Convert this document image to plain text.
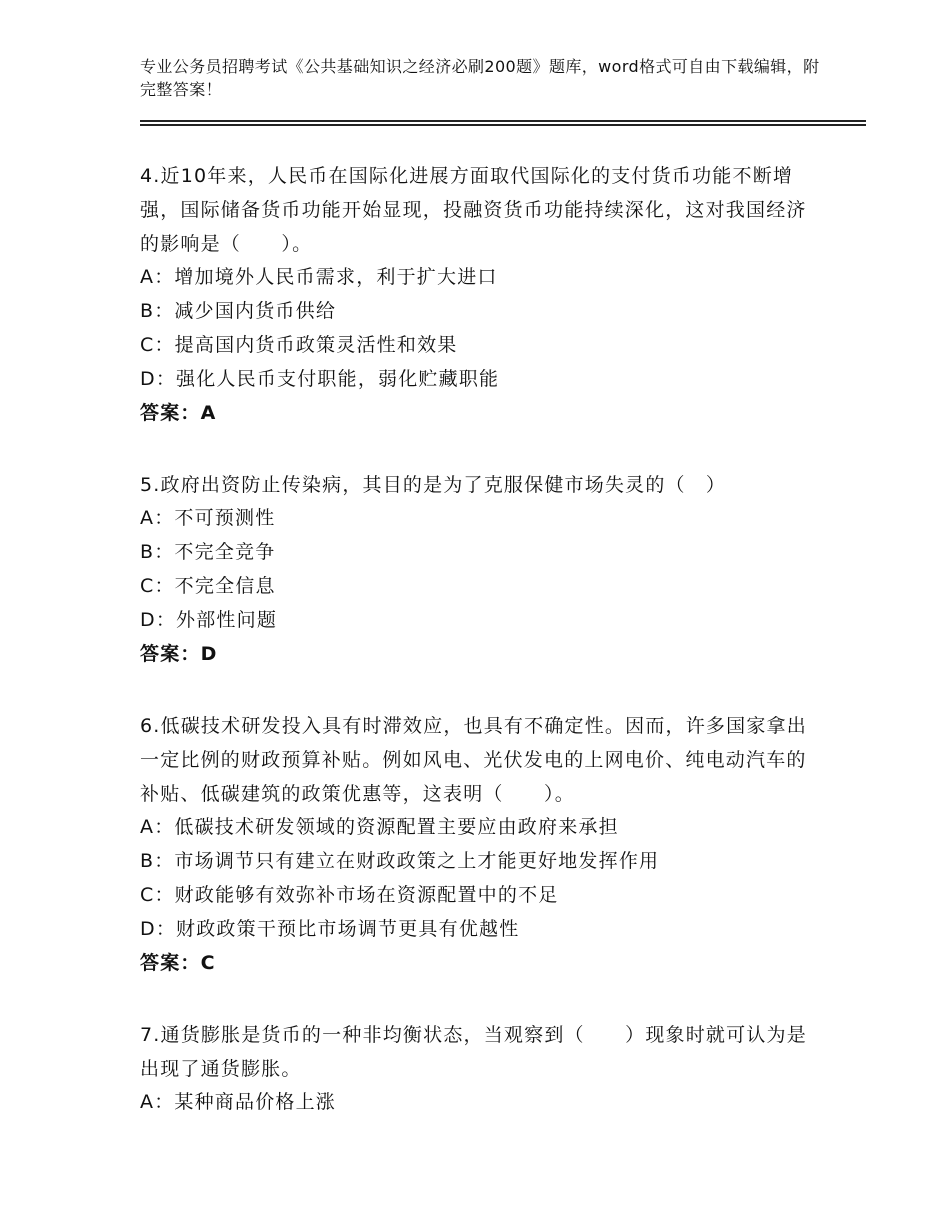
专业公务员招聘考试《公共基础知识之经济必刷200题》题库，word格式可自由下载编辑，附完整答案！

4.近10年来，人民币在国际化进展方面取代国际化的支付货币功能不断增强，国际储备货币功能开始显现，投融资货币功能持续深化，这对我国经济的影响是（　　）。

A：增加境外人民币需求，利于扩大进口
B：减少国内货币供给
C：提高国内货币政策灵活性和效果
D：强化人民币支付职能，弱化贮藏职能
答案：A

5.政府出资防止传染病，其目的是为了克服保健市场失灵的（　）

A：不可预测性
B：不完全竞争
C：不完全信息
D：外部性问题
答案：D

6.低碳技术研发投入具有时滞效应，也具有不确定性。因而，许多国家拿出一定比例的财政预算补贴。例如风电、光伏发电的上网电价、纯电动汽车的补贴、低碳建筑的政策优惠等，这表明（　　）。

A：低碳技术研发领域的资源配置主要应由政府来承担
B：市场调节只有建立在财政政策之上才能更好地发挥作用
C：财政能够有效弥补市场在资源配置中的不足
D：财政政策干预比市场调节更具有优越性
答案：C

7.通货膨胀是货币的一种非均衡状态，当观察到（　　）现象时就可认为是出现了通货膨胀。

A：某种商品价格上涨
